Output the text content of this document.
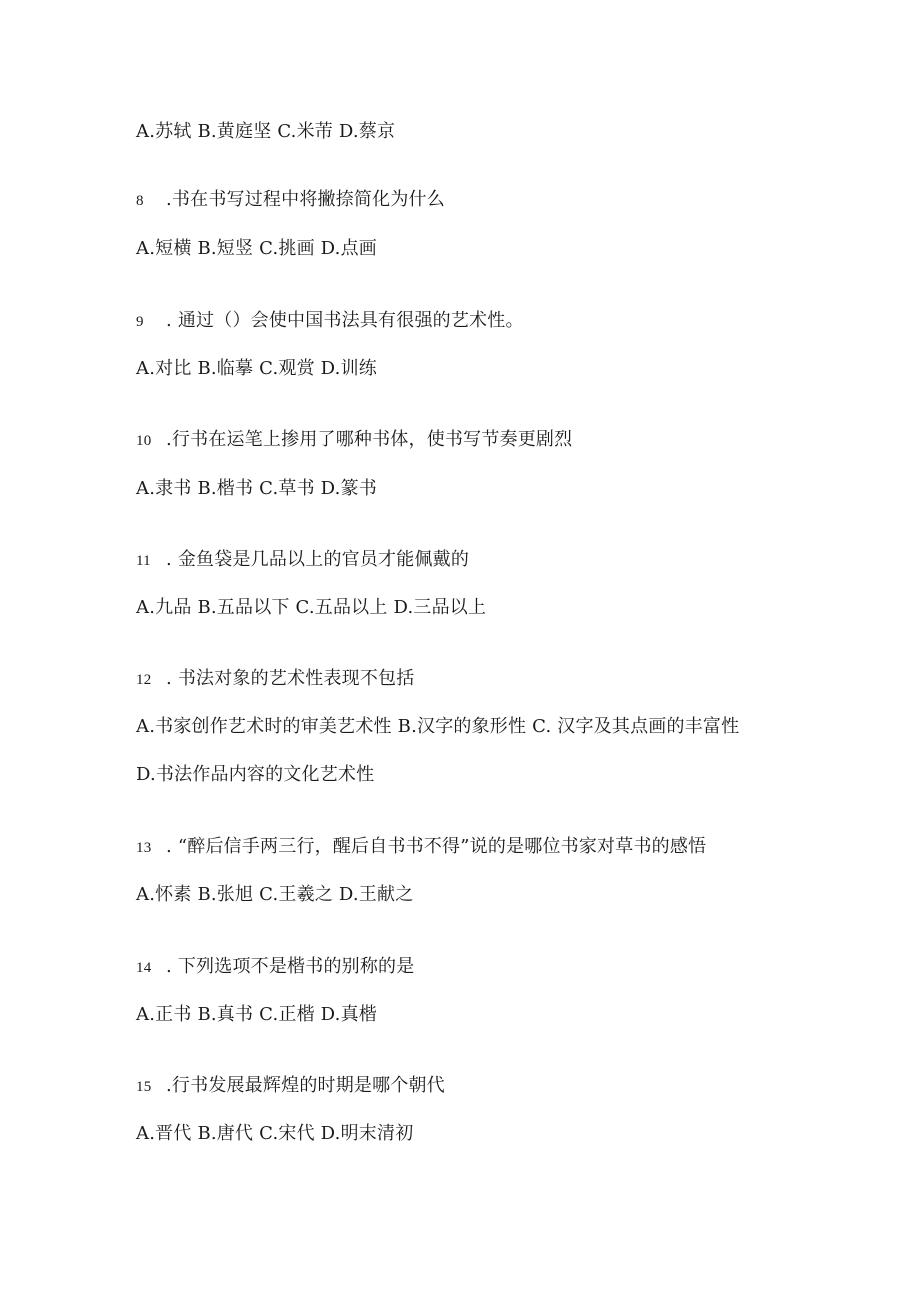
A.苏轼 B.黄庭坚 C.米芾 D.蔡京
8 .书在书写过程中将撇捺简化为什么
A.短横 B.短竖 C.挑画 D.点画
9 . 通过（）会使中国书法具有很强的艺术性。
A.对比 B.临摹 C.观赏 D.训练
10 .行书在运笔上掺用了哪种书体，使书写节奏更剧烈
A.隶书 B.楷书 C.草书 D.篆书
11 . 金鱼袋是几品以上的官员才能佩戴的
A.九品 B.五品以下 C.五品以上 D.三品以上
12 . 书法对象的艺术性表现不包括
A.书家创作艺术时的审美艺术性 B.汉字的象形性 C. 汉字及其点画的丰富性
D.书法作品内容的文化艺术性
13 . “醉后信手两三行，醒后自书书不得”说的是哪位书家对草书的感悟
A.怀素 B.张旭 C.王羲之 D.王献之
14 . 下列选项不是楷书的别称的是
A.正书 B.真书 C.正楷 D.真楷
15 .行书发展最辉煌的时期是哪个朝代
A.晋代 B.唐代 C.宋代 D.明末清初
